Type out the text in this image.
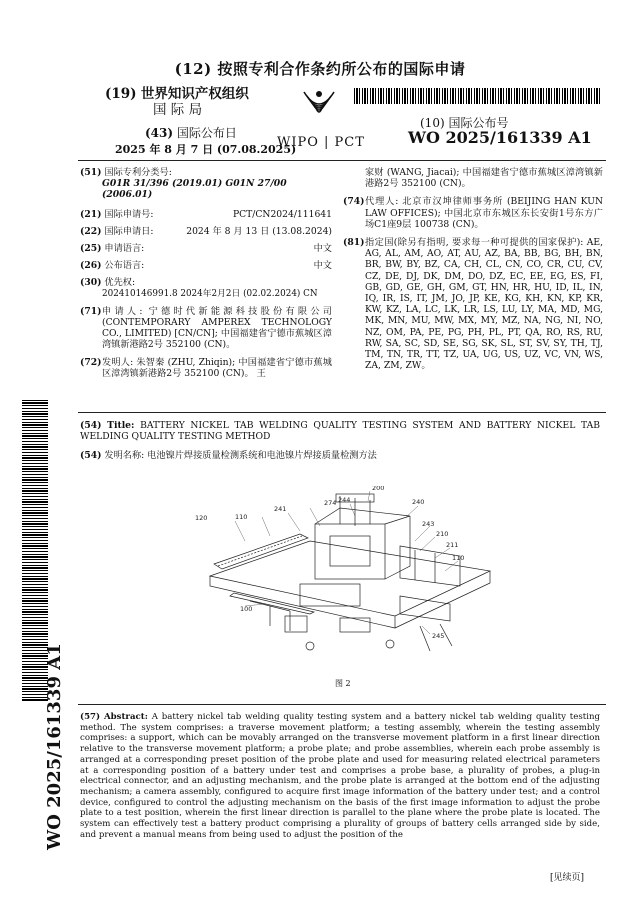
(12) 按照专利合作条约所公布的国际申请
(19) 世界知识产权组织
国 际 局
(43) 国际公布日
2025 年 8 月 7 日 (07.08.2025)
WIPO | PCT
(10) 国际公布号
WO 2025/161339 A1
(51) 国际专利分类号:
G01R 31/396 (2019.01) G01N 27/00 (2006.01)
(21) 国际申请号:	PCT/CN2024/111641
(22) 国际申请日:	2024 年 8 月 13 日 (13.08.2024)
(25) 申请语言:	中文
(26) 公布语言:	中文
(30) 优先权:
202410146991.8 2024年2月2日 (02.02.2024) CN
(71) 申请人: 宁德时代新能源科技股份有限公司 (CONTEMPORARY AMPEREX TECHNOLOGY CO., LIMITED) [CN/CN]; 中国福建省宁德市蕉城区漳湾镇新港路2号 352100 (CN)。
(72) 发明人: 朱智秦 (ZHU, Zhiqin); 中国福建省宁德市蕉城区漳湾镇新港路2号 352100 (CN)。 王
家财 (WANG, Jiacai); 中国福建省宁德市蕉城区漳湾镇新港路2号 352100 (CN)。
(74) 代理人: 北京市汉坤律师事务所 (BEIJING HAN KUN LAW OFFICES); 中国北京市东城区东长安街1号东方广场C1座9层 100738 (CN)。
(81) 指定国(除另有指明, 要求每一种可提供的国家保护): AE, AG, AL, AM, AO, AT, AU, AZ, BA, BB, BG, BH, BN, BR, BW, BY, BZ, CA, CH, CL, CN, CO, CR, CU, CV, CZ, DE, DJ, DK, DM, DO, DZ, EC, EE, EG, ES, FI, GB, GD, GE, GH, GM, GT, HN, HR, HU, ID, IL, IN, IQ, IR, IS, IT, JM, JO, JP, KE, KG, KH, KN, KP, KR, KW, KZ, LA, LC, LK, LR, LS, LU, LY, MA, MD, MG, MK, MN, MU, MW, MX, MY, MZ, NA, NG, NI, NO, NZ, OM, PA, PE, PG, PH, PL, PT, QA, RO, RS, RU, RW, SA, SC, SD, SE, SG, SK, SL, ST, SV, SY, TH, TJ, TM, TN, TR, TT, TZ, UA, UG, US, UZ, VC, VN, WS, ZA, ZM, ZW。
(54) Title: BATTERY NICKEL TAB WELDING QUALITY TESTING SYSTEM AND BATTERY NICKEL TAB WELDING QUALITY TESTING METHOD
(54) 发明名称: 电池镍片焊接质量检测系统和电池镍片焊接质量检测方法
200
244
274
241
110
120
240
243
210
211
110
100
245
图 2
(57) Abstract: A battery nickel tab welding quality testing system and a battery nickel tab welding quality testing method. The system comprises: a traverse movement platform; a testing assembly, wherein the testing assembly comprises: a support, which can be movably arranged on the transverse movement platform in a first linear direction relative to the transverse movement platform; a probe plate; and probe assemblies, wherein each probe assembly is arranged at a corresponding preset position of the probe plate and used for measuring related electrical parameters at a corresponding position of a battery under test and comprises a probe base, a plurality of probes, a plug-in electrical connector, and an adjusting mechanism, and the probe plate is arranged at the bottom end of the adjusting mechanism; a camera assembly, configured to acquire first image information of the battery under test; and a control device, configured to control the adjusting mechanism on the basis of the first image information to adjust the probe plate to a test position, wherein the first linear direction is parallel to the plane where the probe plate is located. The system can effectively test a battery product comprising a plurality of groups of battery cells arranged side by side, and prevent a manual means from being used to adjust the position of the
WO 2025/161339 A1
[见续页]
